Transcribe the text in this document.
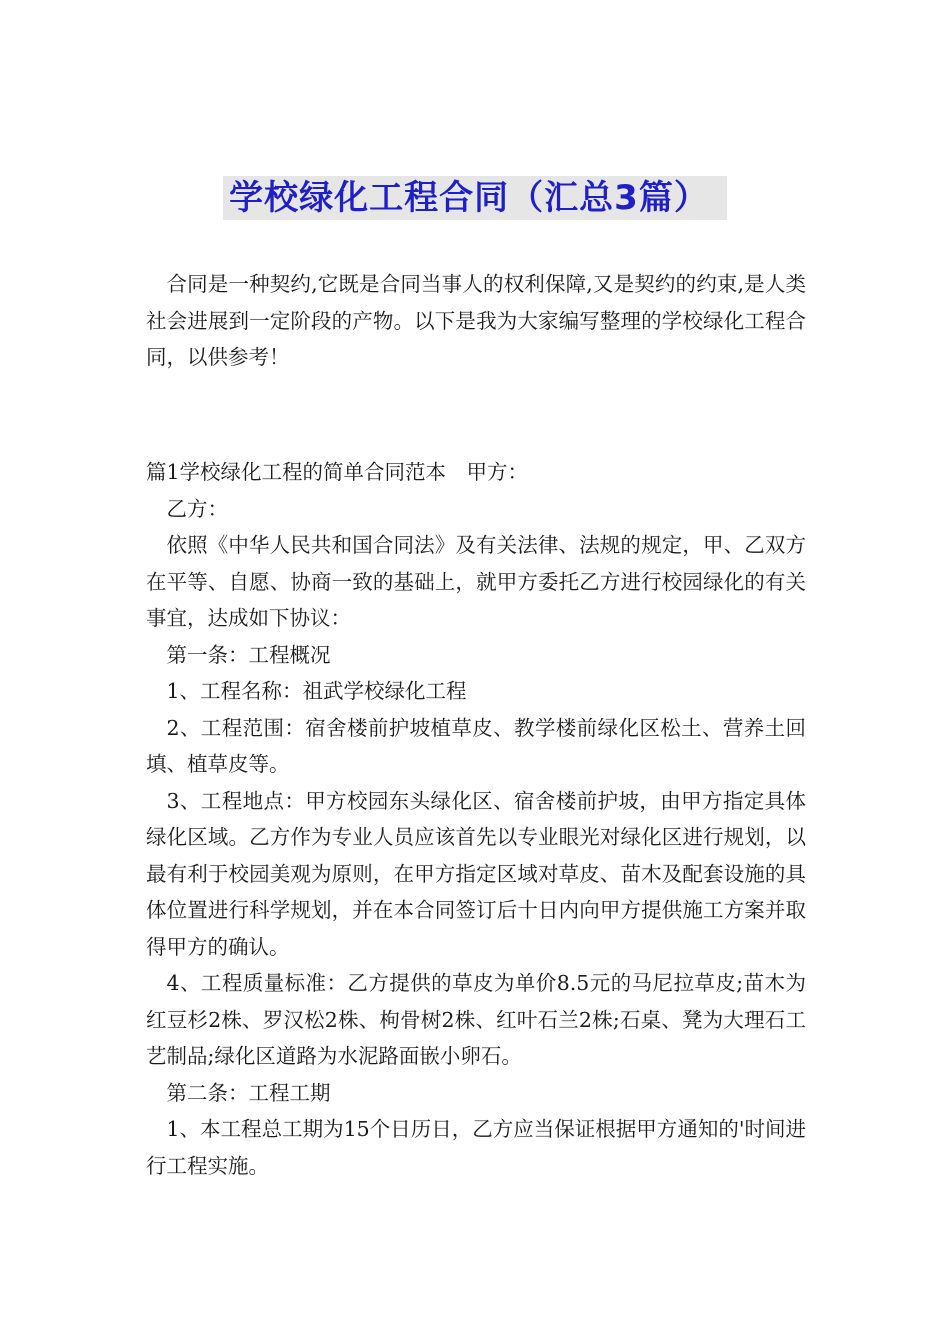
学校绿化工程合同（汇总3篇）

合同是一种契约,它既是合同当事人的权利保障,又是契约的约束,是人类社会进展到一定阶段的产物。以下是我为大家编写整理的学校绿化工程合同，以供参考！

篇1学校绿化工程的简单合同范本　甲方：

乙方：

依照《中华人民共和国合同法》及有关法律、法规的规定，甲、乙双方在平等、自愿、协商一致的基础上，就甲方委托乙方进行校园绿化的有关事宜，达成如下协议：

第一条：工程概况

1、工程名称：祖武学校绿化工程

2、工程范围：宿舍楼前护坡植草皮、教学楼前绿化区松土、营养土回填、植草皮等。

3、工程地点：甲方校园东头绿化区、宿舍楼前护坡，由甲方指定具体绿化区域。乙方作为专业人员应该首先以专业眼光对绿化区进行规划，以最有利于校园美观为原则，在甲方指定区域对草皮、苗木及配套设施的具体位置进行科学规划，并在本合同签订后十日内向甲方提供施工方案并取得甲方的确认。

4、工程质量标准：乙方提供的草皮为单价8.5元的马尼拉草皮;苗木为红豆杉2株、罗汉松2株、枸骨树2株、红叶石兰2株;石桌、凳为大理石工艺制品;绿化区道路为水泥路面嵌小卵石。

第二条：工程工期

1、本工程总工期为15个日历日，乙方应当保证根据甲方通知的'时间进行工程实施。
